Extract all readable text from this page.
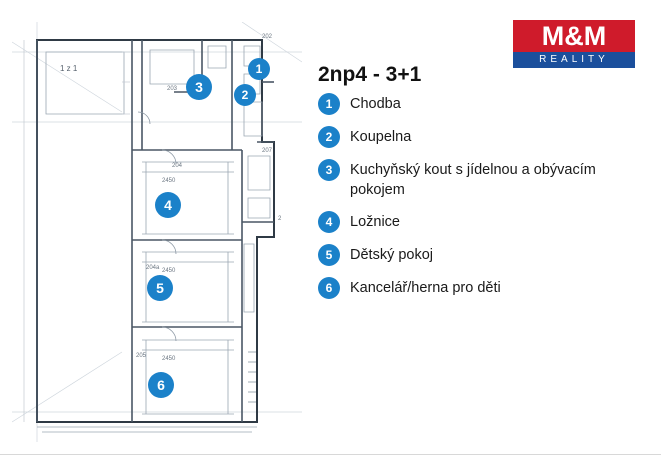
1 z 1
203
202
204
204a
205
207
2
2450
2450
2450
1
2
3
4
5
6
M&M
REALITY
2np4 - 3+1
1	Chodba
2	Koupelna
3	Kuchyňský kout s jídelnou a obývacím pokojem
4	Ložnice
5	Dětský pokoj
6	Kancelář/herna pro děti
